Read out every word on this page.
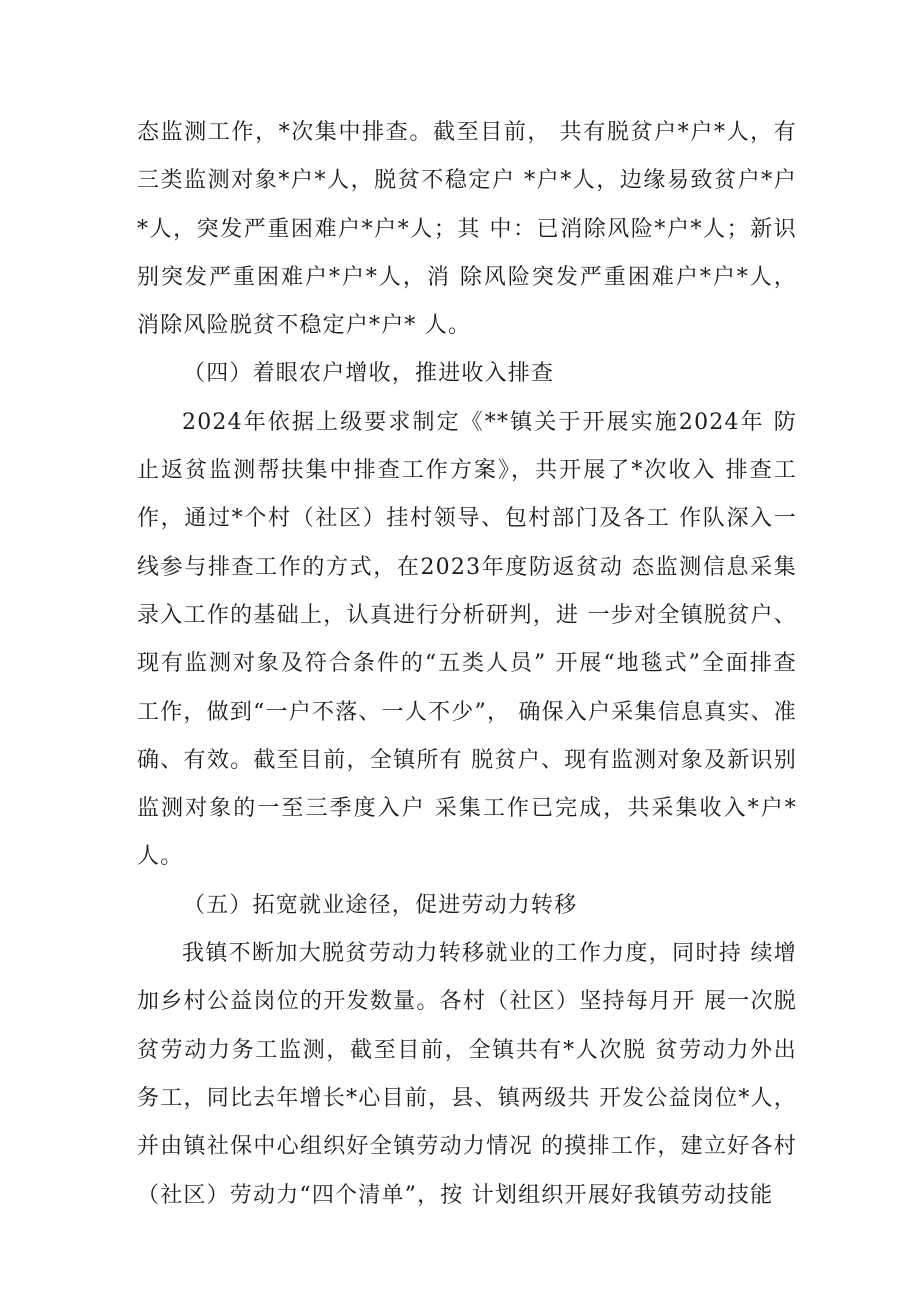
态监测工作，*次集中排查。截至目前， 共有脱贫户*户*人，有三类监测对象*户*人，脱贫不稳定户 *户*人，边缘易致贫户*户*人，突发严重困难户*户*人；其 中：已消除风险*户*人；新识别突发严重困难户*户*人，消 除风险突发严重困难户*户*人，消除风险脱贫不稳定户*户* 人。

（四）着眼农户增收，推进收入排查

2024年依据上级要求制定《**镇关于开展实施2024年 防止返贫监测帮扶集中排查工作方案》，共开展了*次收入 排查工作，通过*个村（社区）挂村领导、包村部门及各工 作队深入一线参与排查工作的方式，在2023年度防返贫动 态监测信息采集录入工作的基础上，认真进行分析研判，进 一步对全镇脱贫户、现有监测对象及符合条件的“五类人员” 开展“地毯式”全面排查工作，做到“一户不落、一人不少”， 确保入户采集信息真实、准确、有效。截至目前，全镇所有 脱贫户、现有监测对象及新识别监测对象的一至三季度入户 采集工作已完成，共采集收入*户*人。

（五）拓宽就业途径，促进劳动力转移

我镇不断加大脱贫劳动力转移就业的工作力度，同时持 续增加乡村公益岗位的开发数量。各村（社区）坚持每月开 展一次脱贫劳动力务工监测，截至目前，全镇共有*人次脱 贫劳动力外出务工，同比去年增长*心目前，县、镇两级共 开发公益岗位*人，并由镇社保中心组织好全镇劳动力情况 的摸排工作，建立好各村（社区）劳动力“四个清单”，按 计划组织开展好我镇劳动技能
